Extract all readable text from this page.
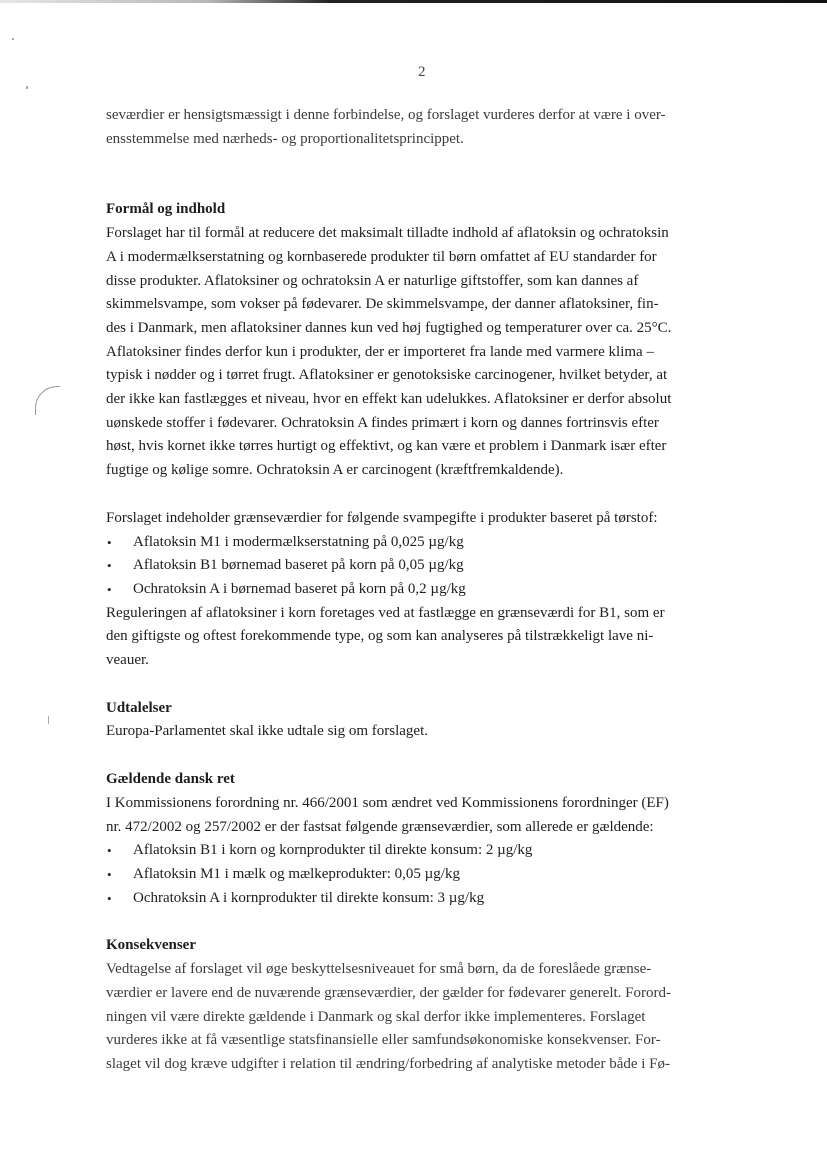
2

seværdier er hensigtsmæssigt i denne forbindelse, og forslaget vurderes derfor at være i over-

ensstemmelse med nærheds- og proportionalitetsprincippet.

Formål og indhold

Forslaget har til formål at reducere det maksimalt tilladte indhold af aflatoksin og ochratoksin

A i modermælkserstatning og kornbaserede produkter til børn omfattet af EU standarder for

disse produkter. Aflatoksiner og ochratoksin A er naturlige giftstoffer, som kan dannes af

skimmelsvampe, som vokser på fødevarer. De skimmelsvampe, der danner aflatoksiner, fin-

des i Danmark, men aflatoksiner dannes kun ved høj fugtighed og temperaturer over ca. 25°C.

Aflatoksiner findes derfor kun i produkter, der er importeret fra lande med varmere klima –

typisk i nødder og i tørret frugt. Aflatoksiner er genotoksiske carcinogener, hvilket betyder, at

der ikke kan fastlægges et niveau, hvor en effekt kan udelukkes. Aflatoksiner er derfor absolut

uønskede stoffer i fødevarer. Ochratoksin A findes primært i korn og dannes fortrinsvis efter

høst, hvis kornet ikke tørres hurtigt og effektivt, og kan være et problem i Danmark især efter

fugtige og kølige somre. Ochratoksin A er carcinogent (kræftfremkaldende).

Forslaget indeholder grænseværdier for følgende svampegifte i produkter baseret på tørstof:

• Aflatoksin M1 i modermælkserstatning på 0,025 µg/kg
• Aflatoksin B1 børnemad baseret på korn på 0,05 µg/kg
• Ochratoksin A i børnemad baseret på korn på 0,2 µg/kg

Reguleringen af aflatoksiner i korn foretages ved at fastlægge en grænseværdi for B1, som er

den giftigste og oftest forekommende type, og som kan analyseres på tilstrækkeligt lave ni-

veauer.

Udtalelser

Europa-Parlamentet skal ikke udtale sig om forslaget.

Gældende dansk ret

I Kommissionens forordning nr. 466/2001 som ændret ved Kommissionens forordninger (EF)

nr. 472/2002 og 257/2002 er der fastsat følgende grænseværdier, som allerede er gældende:

• Aflatoksin B1 i korn og kornprodukter til direkte konsum: 2 µg/kg
• Aflatoksin M1 i mælk og mælkeprodukter: 0,05 µg/kg
• Ochratoksin A i kornprodukter til direkte konsum: 3 µg/kg
Konsekvenser

Vedtagelse af forslaget vil øge beskyttelsesniveauet for små børn, da de foreslåede grænse-

værdier er lavere end de nuværende grænseværdier, der gælder for fødevarer generelt. Forord-

ningen vil være direkte gældende i Danmark og skal derfor ikke implementeres. Forslaget

vurderes ikke at få væsentlige statsfinansielle eller samfundsøkonomiske konsekvenser. For-

slaget vil dog kræve udgifter i relation til ændring/forbedring af analytiske metoder både i Fø-
